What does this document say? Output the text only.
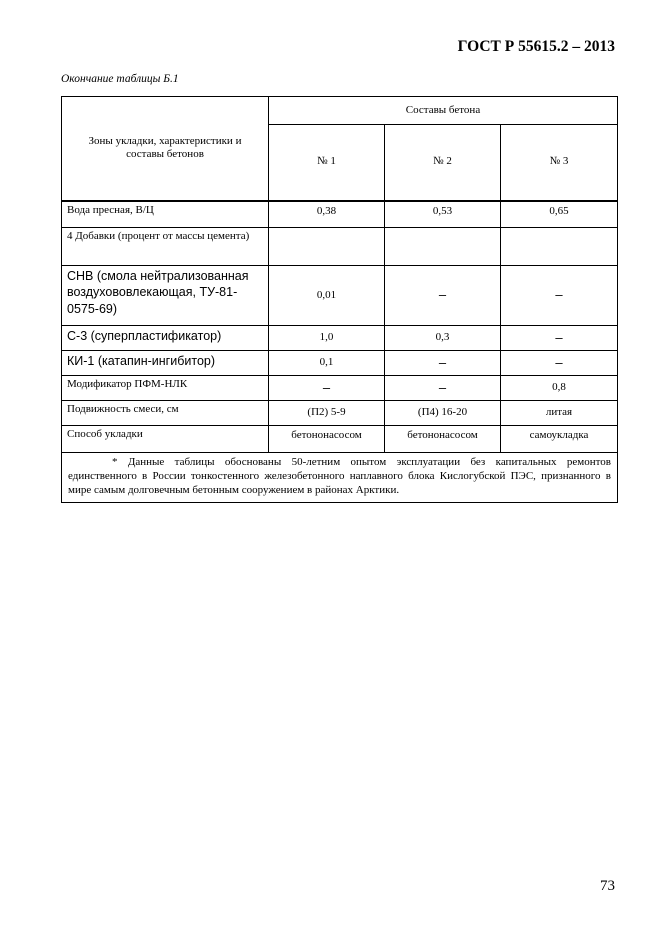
ГОСТ Р 55615.2 – 2013
Окончание таблицы Б.1
Зоны укладки, характеристики и составы бетонов	Составы бетона		
	№ 1	№ 2	№ 3
Вода пресная, В/Ц	0,38	0,53	0,65
4 Добавки (процент от массы цемента)			
СНВ (смола нейтрализованная воздухововлекающая, ТУ-81-0575-69)	0,01	–	–
С-3 (суперпластификатор)	1,0	0,3	–
КИ-1 (катапин-ингибитор)	0,1	–	–
Модификатор ПФМ-НЛК	–	–	0,8
Подвижность смеси, см	(П2) 5-9	(П4) 16-20	литая
Способ укладки	бетононасосом	бетононасосом	самоукладка
* Данные таблицы обоснованы 50-летним опытом эксплуатации без капитальных ремонтов единственного в России тонкостенного железобетонного наплавного блока Кислогубской ПЭС, признанного в мире самым долговечным бетонным сооружением в районах Арктики.			
73
